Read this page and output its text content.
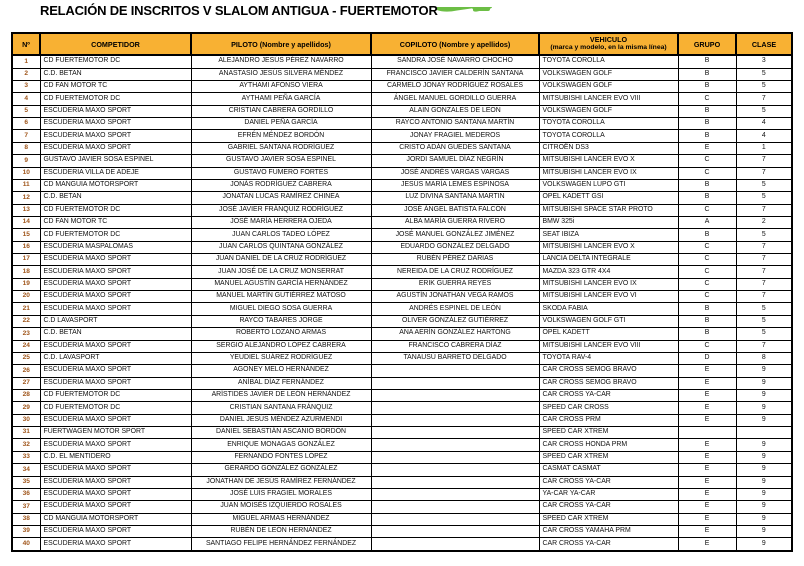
RELACIÓN DE INSCRITOS V SLALOM ANTIGUA - FUERTEMOTOR
Nº	COMPETIDOR	PILOTO (Nombre y apellidos)	COPILOTO (Nombre y apellidos)	VEHICULO
(marca y modelo, en la misma línea)	GRUPO	CLASE
1	CD FUERTEMOTOR DC	ALEJANDRO JESÚS PÉREZ NAVARRO	SANDRA JOSÉ NAVARRO CHOCHO	TOYOTA COROLLA	B	3
2	C.D. BETAN	ANASTASIO JESÚS SILVERA MÉNDEZ	FRANCISCO JAVIER CALDERÍN SANTANA	VOLKSWAGEN GOLF	B	5
3	CD FAN MOTOR TC	AYTHAMI AFONSO VIERA	CARMELO JONAY RODRÍGUEZ ROSALES	VOLKSWAGEN GOLF	B	5
4	CD FUERTEMOTOR DC	AYTHAMI PEÑA GARCÍA	ÁNGEL MANUEL GORDILLO GUERRA	MITSUBISHI LANCER EVO VIII	C	7
5	ESCUDERIA MAXO SPORT	CRISTIAN CABRERA GORDILLO	ALAIN GONZALES DE LEON	VOLKSWAGEN GOLF	B	5
6	ESCUDERIA MAXO SPORT	DANIEL PEÑA GARCÍA	RAYCO ANTONIO SANTANA MARTÍN	TOYOTA COROLLA	B	4
7	ESCUDERIA MAXO SPORT	EFRÉN MÉNDEZ BORDÓN	JONAY FRAGIEL MEDEROS	TOYOTA COROLLA	B	4
8	ESCUDERIA MAXO SPORT	GABRIEL SANTANA RODRÍGUEZ	CRISTO ADÁN GUEDES SANTANA	CITROËN DS3	E	1
9	GUSTAVO JAVIER SOSA ESPINEL	GUSTAVO JAVIER SOSA ESPINEL	JORDI SAMUEL DÍAZ NEGRÍN	MITSUBISHI LANCER EVO X	C	7
10	ESCUDERIA VILLA DE ADEJE	GUSTAVO FUMERO FORTES	JOSÉ ANDRÉS VARGAS VARGAS	MITSUBISHI LANCER EVO IX	C	7
11	CD MANGUIA MOTORSPORT	JONÁS RODRÍGUEZ CABRERA	JESÚS MARÍA LEMES ESPINOSA	VOLKSWAGEN LUPO GTI	B	5
12	C.D. BETAN	JONATAN LUCAS RAMÍREZ CHINEA	LUZ DIVINA SANTANA MARTIN	OPEL KADETT GSI	B	5
13	CD FUERTEMOTOR DC	JOSÉ JAVIER FRÁNQUIZ RODRÍGUEZ	JOSÉ ÁNGEL BATISTA FALCÓN	MITSUBISHI SPACE STAR PROTO	C	7
14	CD FAN MOTOR TC	JOSÉ MARÍA HERRERA OJEDA	ALBA MARÍA GUERRA RIVERO	BMW 325i	A	2
15	CD FUERTEMOTOR DC	JUAN CARLOS TADEO LÓPEZ	JOSÉ MANUEL GONZÁLEZ JIMÉNEZ	SEAT IBIZA	B	5
16	ESCUDERIA MASPALOMAS	JUAN CARLOS QUINTANA GONZÁLEZ	EDUARDO GONZÁLEZ DELGADO	MITSUBISHI LANCER EVO X	C	7
17	ESCUDERIA MAXO SPORT	JUAN DANIEL DE LA CRUZ RODRÍGUEZ	RUBÉN PÉREZ DARIAS	LANCIA DELTA INTEGRALE	C	7
18	ESCUDERIA MAXO SPORT	JUAN JOSÉ DE LA CRUZ MONSERRAT	NEREIDA DE LA CRUZ RODRÍGUEZ	MAZDA 323 GTR 4X4	C	7
19	ESCUDERIA MAXO SPORT	MANUEL AGUSTÍN GARCÍA HERNÁNDEZ	ERIK GUERRA REYES	MITSUBISHI LANCER EVO IX	C	7
20	ESCUDERIA MAXO SPORT	MANUEL MARTÍN GUTIÉRREZ MATOSO	AGUSTÍN JONATHAN VEGA RAMOS	MITSUBISHI LANCER EVO VI	C	7
21	ESCUDERIA MAXO SPORT	MIGUEL DIEGO SOSA GUERRA	ANDRÉS ESPINEL DE LEÓN	SKODA FABIA	B	5
22	C.D LAVASPORT	RAYCO TABARES JORGE	OLIVER GONZÁLEZ GUTIÉRREZ	VOLKSWAGEN GOLF GTI	B	5
23	C.D. BETAN	ROBERTO LOZANO ARMAS	ANA AERÍN GONZÁLEZ HARTONG	OPEL KADETT	B	5
24	ESCUDERIA MAXO SPORT	SERGIO ALEJANDRO LÓPEZ CABRERA	FRANCISCO CABRERA DÍAZ	MITSUBISHI LANCER EVO VIII	C	7
25	C.D. LAVASPORT	YEUDIEL SUÁREZ RODRÍGUEZ	TANAUSÚ BARRETO DELGADO	TOYOTA RAV-4	D	8
26	ESCUDERIA MAXO SPORT	AGONEY MELO HERNÁNDEZ		CAR CROSS SEMOG BRAVO	E	9
27	ESCUDERIA MAXO SPORT	ANÍBAL DÍAZ FERNÁNDEZ		CAR CROSS SEMOG BRAVO	E	9
28	CD FUERTEMOTOR DC	ARÍSTIDES JAVIER DE LEÓN HERNÁNDEZ		CAR CROSS YA-CAR	E	9
29	CD FUERTEMOTOR DC	CRISTIAN SANTANA FRÁNQUIZ		SPEED CAR CROSS	E	9
30	ESCUDERIA MAXO SPORT	DANIEL JESÚS MÉNDEZ AZURMENDI		CAR CROSS PRM	E	9
31	FUERTWAGEN MOTOR SPORT	DANIEL SEBASTIÁN ASCANIO BORDÓN		SPEED CAR XTREM		
32	ESCUDERIA MAXO SPORT	ENRIQUE MONAGAS GONZÁLEZ		CAR CROSS HONDA PRM	E	9
33	C.D. EL MENTIDERO	FERNANDO FONTES LÓPEZ		SPEED CAR XTREM	E	9
34	ESCUDERIA MAXO SPORT	GERARDO GONZÁLEZ GONZÁLEZ		CASMAT CASMAT	E	9
35	ESCUDERIA MAXO SPORT	JONATHAN DE JESÚS RAMÍREZ FERNÁNDEZ		CAR CROSS YA-CAR	E	9
36	ESCUDERIA MAXO SPORT	JOSÉ LUIS FRAGIEL MORALES		YA-CAR YA-CAR	E	9
37	ESCUDERIA MAXO SPORT	JUAN MOISÉS IZQUIERDO ROSALES		CAR CROSS YA-CAR	E	9
38	CD MANGUIA MOTORSPORT	MIGUEL ARMAS HERNÁNDEZ		SPEED CAR XTREM	E	9
39	ESCUDERIA MAXO SPORT	RUBÉN DE LEÓN HERNÁNDEZ		CAR CROSS YAMAHA PRM	E	9
40	ESCUDERIA MAXO SPORT	SANTIAGO FELIPE HERNÁNDEZ FERNÁNDEZ		CAR CROSS YA-CAR	E	9
